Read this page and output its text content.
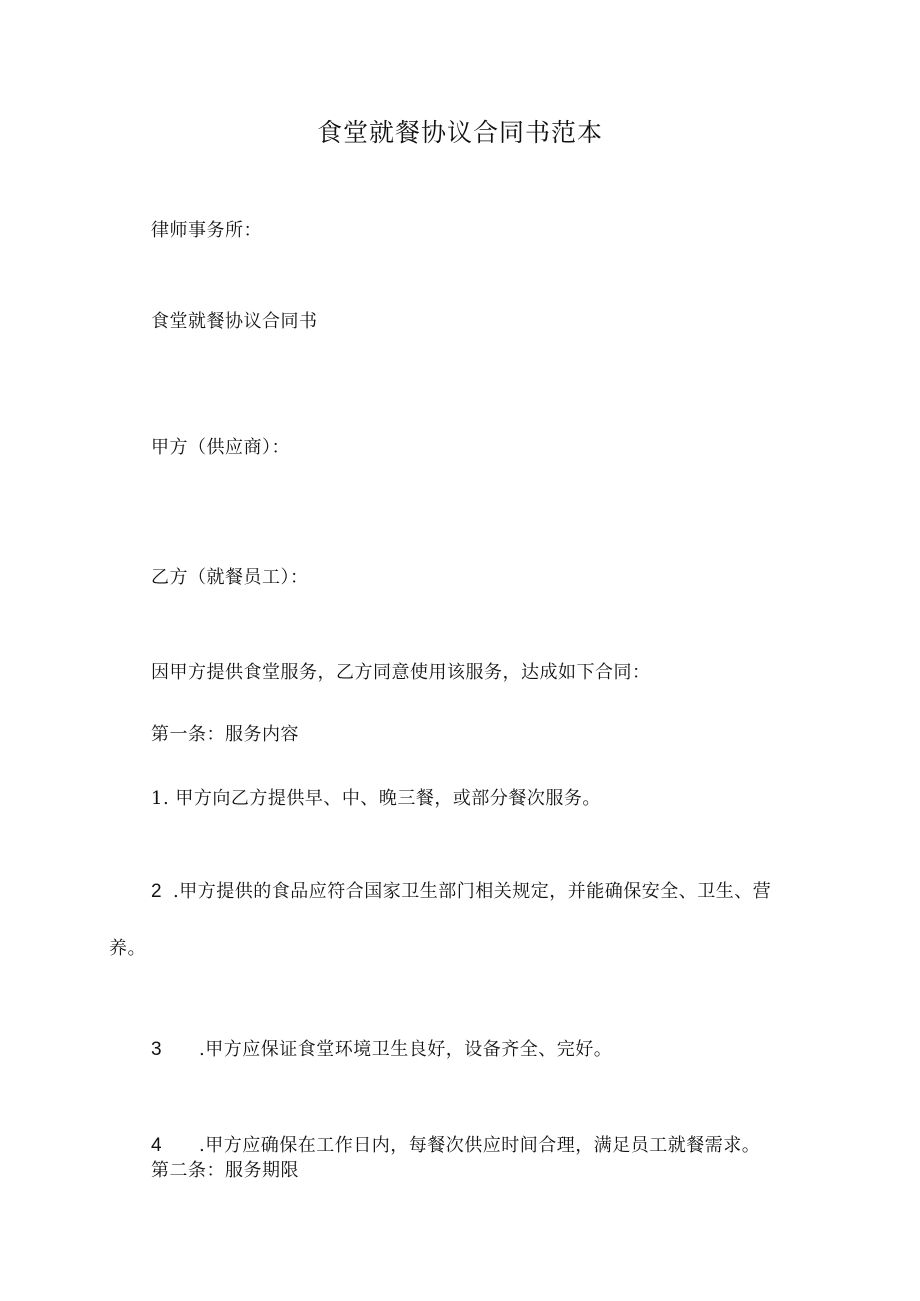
食堂就餐协议合同书范本
律师事务所：
食堂就餐协议合同书
甲方（供应商）：
乙方（就餐员工）：
因甲方提供食堂服务，乙方同意使用该服务，达成如下合同：
第一条：服务内容
1. 甲方向乙方提供早、中、晚三餐，或部分餐次服务。
2 .甲方提供的食品应符合国家卫生部门相关规定，并能确保安全、卫生、营
养。
3 .甲方应保证食堂环境卫生良好，设备齐全、完好。
4 .甲方应确保在工作日内，每餐次供应时间合理，满足员工就餐需求。
第二条：服务期限
